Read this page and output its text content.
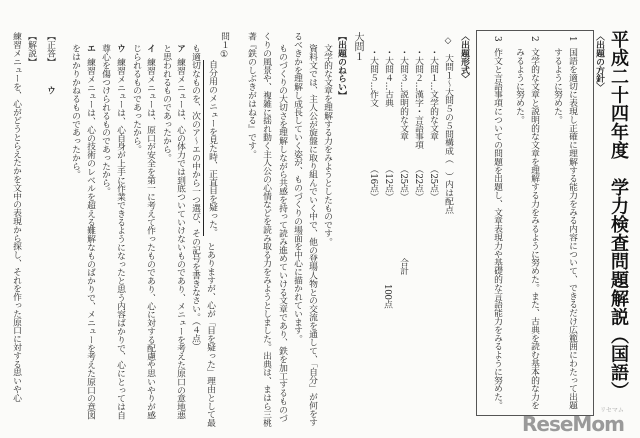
平成二十四年度　学力検査問題解説（国語）
〈出題の方針〉
1
国語を適切に表現し正確に理解する能力をみる内容について、できるだけ広範囲にわたって出題
するように努めた。
2
文学的な文章と説明的な文章を理解する力をみるように努めた。また、古典を読む基本的な力を
みるように努めた。
3
作文と言語事項についての問題を出題し、文章表現力や基礎的な言語能力をみるように努めた。
〈出題形式〉
◇　大問１～大問５の５問構成（　）内は配点
・大問１…文学的な文章
（25点）
・大問２…漢字・言語事項
（22点）
・大問３…説明的な文章
（25点）
・大問４…古典
（12点）
・大問５…作文
（16点）
合計
100点
大問１
【出題のねらい】
文学的な文章を理解する力をみようとしたものです。
資料文では、主人公が旋盤に取り組んでいく中で、他の登場人物との交流を通して、「自分」が何をす
るべきかを理解し成長していく姿が、ものづくりの場面を中心に描かれています。
ものづくりの大切さを理解しながら共感を持って読み進めていける文章であり、鉄を加工するものづ
くりの風景や、複雑に揺れ動く主人公の心情などを読み取る力をみようとしました。出典は、まはら三桃
著『鉄のしぶきがはねる』です。
問１
①
自分用のメニューを見た時、正直目を疑った。
とありますが、心が「目を疑った」理由として最
も適切なものを、次のア～エの中から一つ選び、その記号を書きなさい。（４点）
ア
練習メニューは、心の体力では到底ついていけないものであり、メニューを考えた原口の意地悪
と思われるものであったから。
イ
練習メニューは、原口が安全を第一に考えて作ったものであり、心に対する配慮や思いやりが感
じられるものであったから。
ウ
練習メニューは、心自身が上手に作業できるようになったと思う内容ばかりで、心にとっては自
尊心を傷つけられるものであったから。
エ
練習メニューは、心の技術のレベルを超える難解なものばかりで、メニューを考えた原口の意図
をはかりかねるものであったから。
【正答】
ウ
【解説】
練習メニューを、心がどうとらえたかを文中の表現から探し、それを作った原口に対する思いや心
ReseMom
リセマム
